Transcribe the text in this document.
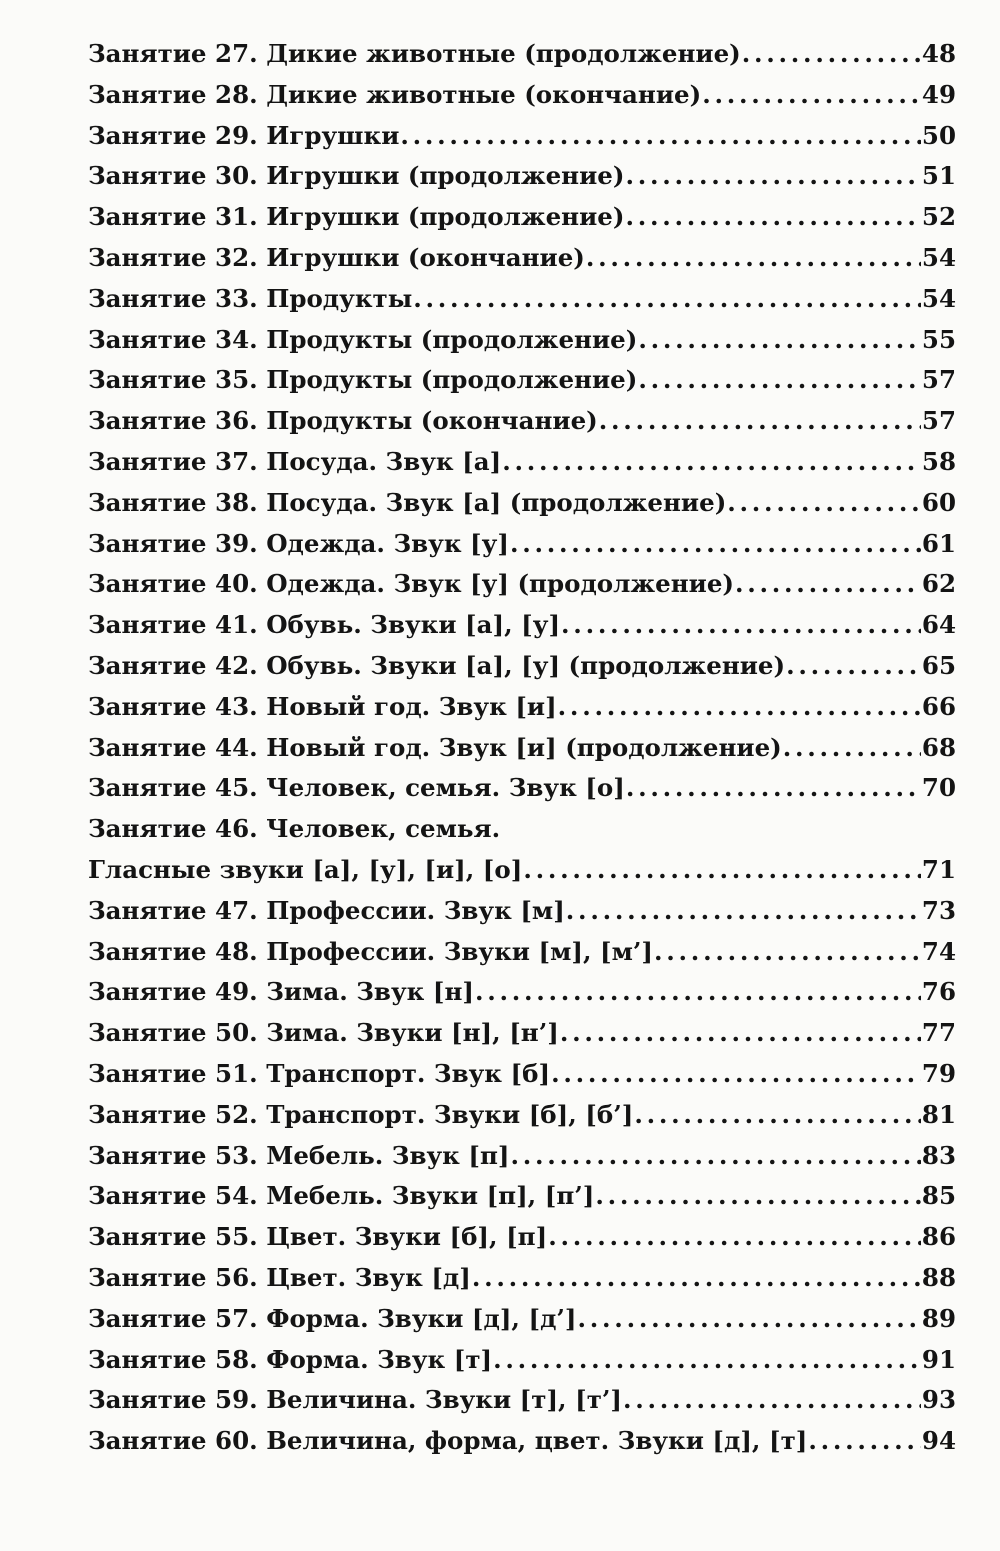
Занятие 27. Дикие животные (продолжение) . . .	48
Занятие 28. Дикие животные (окончание) . . .	49
Занятие 29. Игрушки . . .	50
Занятие 30. Игрушки (продолжение) . . .	51
Занятие 31. Игрушки (продолжение) . . .	52
Занятие 32. Игрушки (окончание) . . .	54
Занятие 33. Продукты . . .	54
Занятие 34. Продукты (продолжение) . . .	55
Занятие 35. Продукты (продолжение) . . .	57
Занятие 36. Продукты (окончание) . . .	57
Занятие 37. Посуда. Звук [а] . . .	58
Занятие 38. Посуда. Звук [а] (продолжение) . . .	60
Занятие 39. Одежда. Звук [у] . . .	61
Занятие 40. Одежда. Звук [у] (продолжение) . . .	62
Занятие 41. Обувь. Звуки [а], [у] . . .	64
Занятие 42. Обувь. Звуки [а], [у] (продолжение) . . .	65
Занятие 43. Новый год. Звук [и] . . .	66
Занятие 44. Новый год. Звук [и] (продолжение) . . .	68
Занятие 45. Человек, семья. Звук [о] . . .	70
Занятие 46. Человек, семья.
Гласные звуки [а], [у], [и], [о] . . .	71
Занятие 47. Профессии. Звук [м] . . .	73
Занятие 48. Профессии. Звуки [м], [м’] . . .	74
Занятие 49. Зима. Звук [н] . . .	76
Занятие 50. Зима. Звуки [н], [н’] . . .	77
Занятие 51. Транспорт. Звук [б] . . .	79
Занятие 52. Транспорт. Звуки [б], [б’] . . .	81
Занятие 53. Мебель. Звук [п] . . .	83
Занятие 54. Мебель. Звуки [п], [п’] . . .	85
Занятие 55. Цвет. Звуки [б], [п] . . .	86
Занятие 56. Цвет. Звук [д] . . .	88
Занятие 57. Форма. Звуки [д], [д’] . . .	89
Занятие 58. Форма. Звук [т] . . .	91
Занятие 59. Величина. Звуки [т], [т’] . . .	93
Занятие 60. Величина, форма, цвет. Звуки [д], [т] . . .	94
